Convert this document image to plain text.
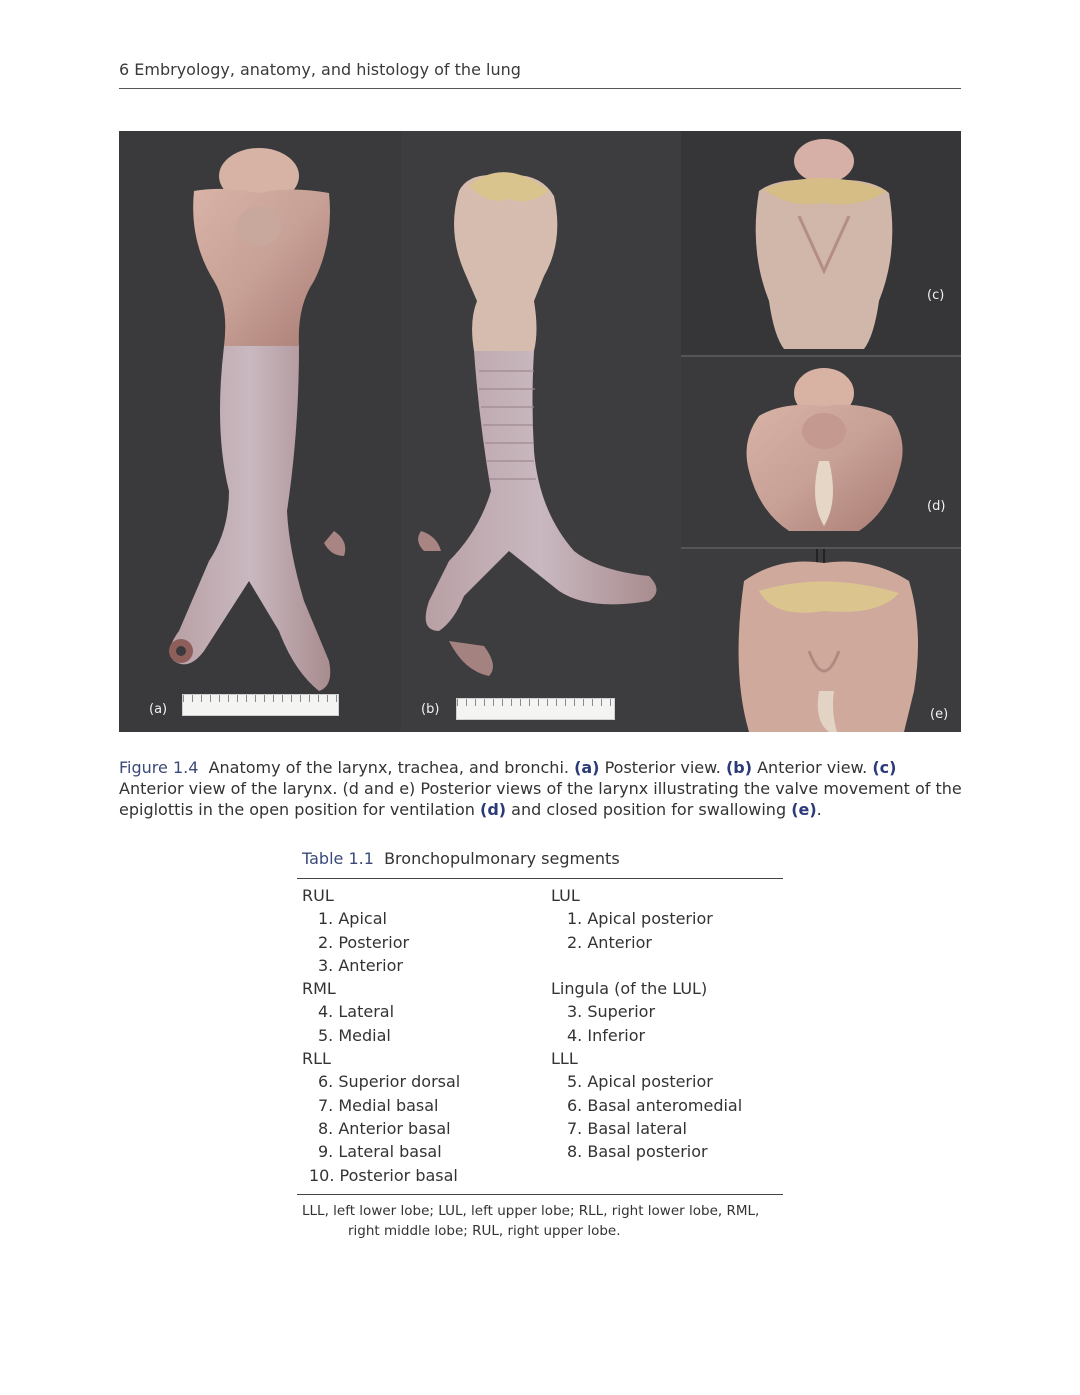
6 Embryology, anatomy, and histology of the lung
(a)	(b)
(c)
(d)
(e)
Figure 1.4 Anatomy of the larynx, trachea, and bronchi. (a) Posterior view. (b) Anterior view. (c) Anterior view of the larynx. (d and e) Posterior views of the larynx illustrating the valve movement of the epiglottis in the open position for ventilation (d) and closed position for swallowing (e).
Table 1.1 Bronchopulmonary segments
RUL
1. Apical
2. Posterior
3. Anterior
RML
4. Lateral
5. Medial
RLL
6. Superior dorsal
7. Medial basal
8. Anterior basal
9. Lateral basal
10. Posterior basal
LUL
1. Apical posterior
2. Anterior
Lingula (of the LUL)
3. Superior
4. Inferior
LLL
5. Apical posterior
6. Basal anteromedial
7. Basal lateral
8. Basal posterior
LLL, left lower lobe; LUL, left upper lobe; RLL, right lower lobe, RML,
right middle lobe; RUL, right upper lobe.
